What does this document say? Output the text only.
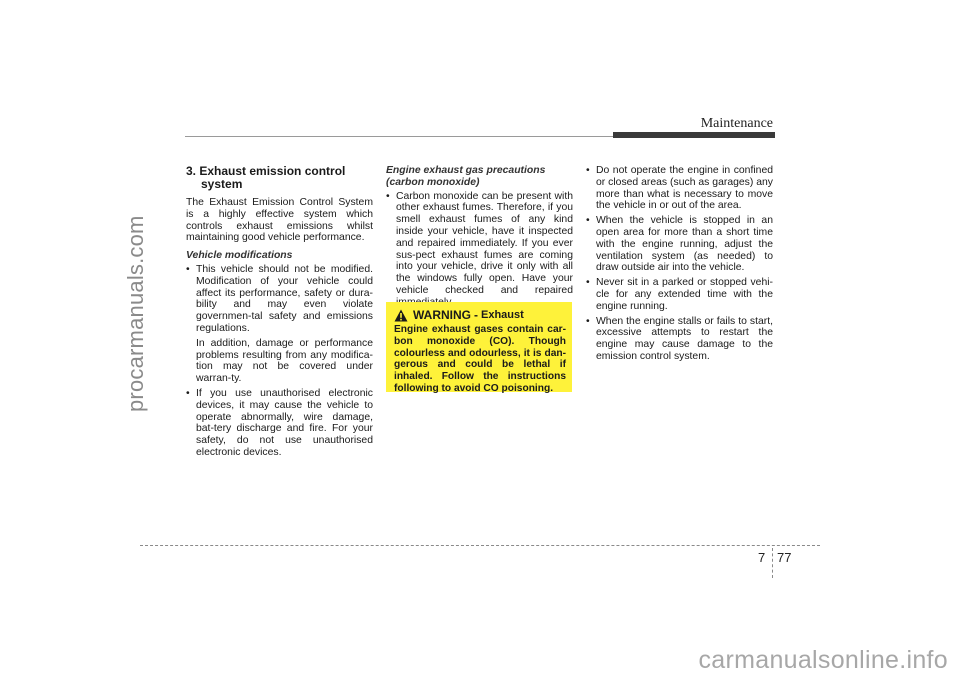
procarmanuals.com
Maintenance
3. Exhaust emission control
system

The Exhaust Emission Control System is a highly effective system which controls exhaust emissions whilst maintaining good vehicle performance.

Vehicle modifications

• This vehicle should not be modified. Modification of your vehicle could affect its performance, safety or dura-bility and may even violate governmen-tal safety and emissions regulations.

In addition, damage or performance problems resulting from any modifica-tion may not be covered under warran-ty.

• If you use unauthorised electronic devices, it may cause the vehicle to operate abnormally, wire damage, bat-tery discharge and fire. For your safety, do not use unauthorised electronic devices.

Engine exhaust gas precautions
(carbon monoxide)

• Carbon monoxide can be present with other exhaust fumes. Therefore, if you smell exhaust fumes of any kind inside your vehicle, have it inspected and repaired immediately. If you ever sus-pect exhaust fumes are coming into your vehicle, drive it only with all the windows fully open. Have your vehicle checked and repaired

WARNING - Exhaust
Engine exhaust gases contain car-bon monoxide (CO). Though colourless and odourless, it is dan-gerous and could be lethal if inhaled. Follow the instructions following to avoid CO poisoning.

• Do not operate the engine in confined or closed areas (such as garages) any more than what is necessary to move the vehicle in or out of the area.

• When the vehicle is stopped in an open area for more than a short time with the engine running, adjust the ventilation system (as needed) to draw outside air into the vehicle.

• Never sit in a parked or stopped vehi-cle for any extended time with the engine running.

• When the engine stalls or fails to start, excessive attempts to restart the engine may cause damage to the emission control system.

7 77
carmanualsonline.info
